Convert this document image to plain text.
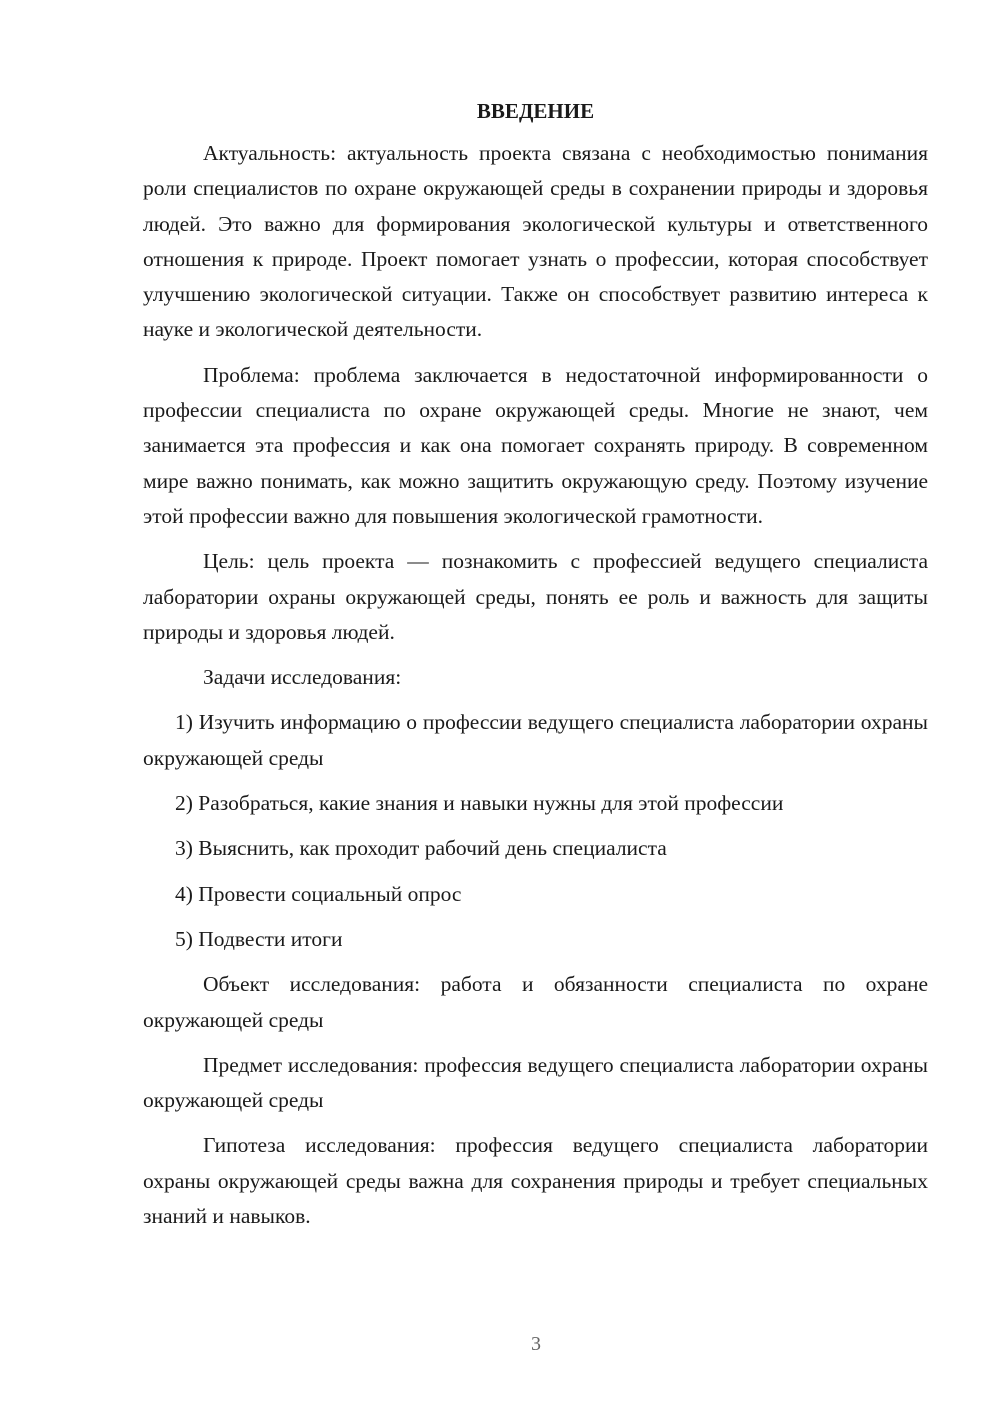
ВВЕДЕНИЕ

Актуальность: актуальность проекта связана с необходимостью понимания роли специалистов по охране окружающей среды в сохранении природы и здоровья людей. Это важно для формирования экологической культуры и ответственного отношения к природе. Проект помогает узнать о профессии, которая способствует улучшению экологической ситуации. Также он способствует развитию интереса к науке и экологической деятельности.

Проблема: проблема заключается в недостаточной информированности о профессии специалиста по охране окружающей среды. Многие не знают, чем занимается эта профессия и как она помогает сохранять природу. В современном мире важно понимать, как можно защитить окружающую среду. Поэтому изучение этой профессии важно для повышения экологической грамотности.

Цель: цель проекта — познакомить с профессией ведущего специалиста лаборатории охраны окружающей среды, понять ее роль и важность для защиты природы и здоровья людей.

Задачи исследования:

1) Изучить информацию о профессии ведущего специалиста лаборатории охраны окружающей среды

2) Разобраться, какие знания и навыки нужны для этой профессии

3) Выяснить, как проходит рабочий день специалиста

4) Провести социальный опрос

5) Подвести итоги

Объект исследования: работа и обязанности специалиста по охране окружающей среды

Предмет исследования: профессия ведущего специалиста лаборатории охраны окружающей среды

Гипотеза исследования: профессия ведущего специалиста лаборатории охраны окружающей среды важна для сохранения природы и требует специальных знаний и навыков.

3
